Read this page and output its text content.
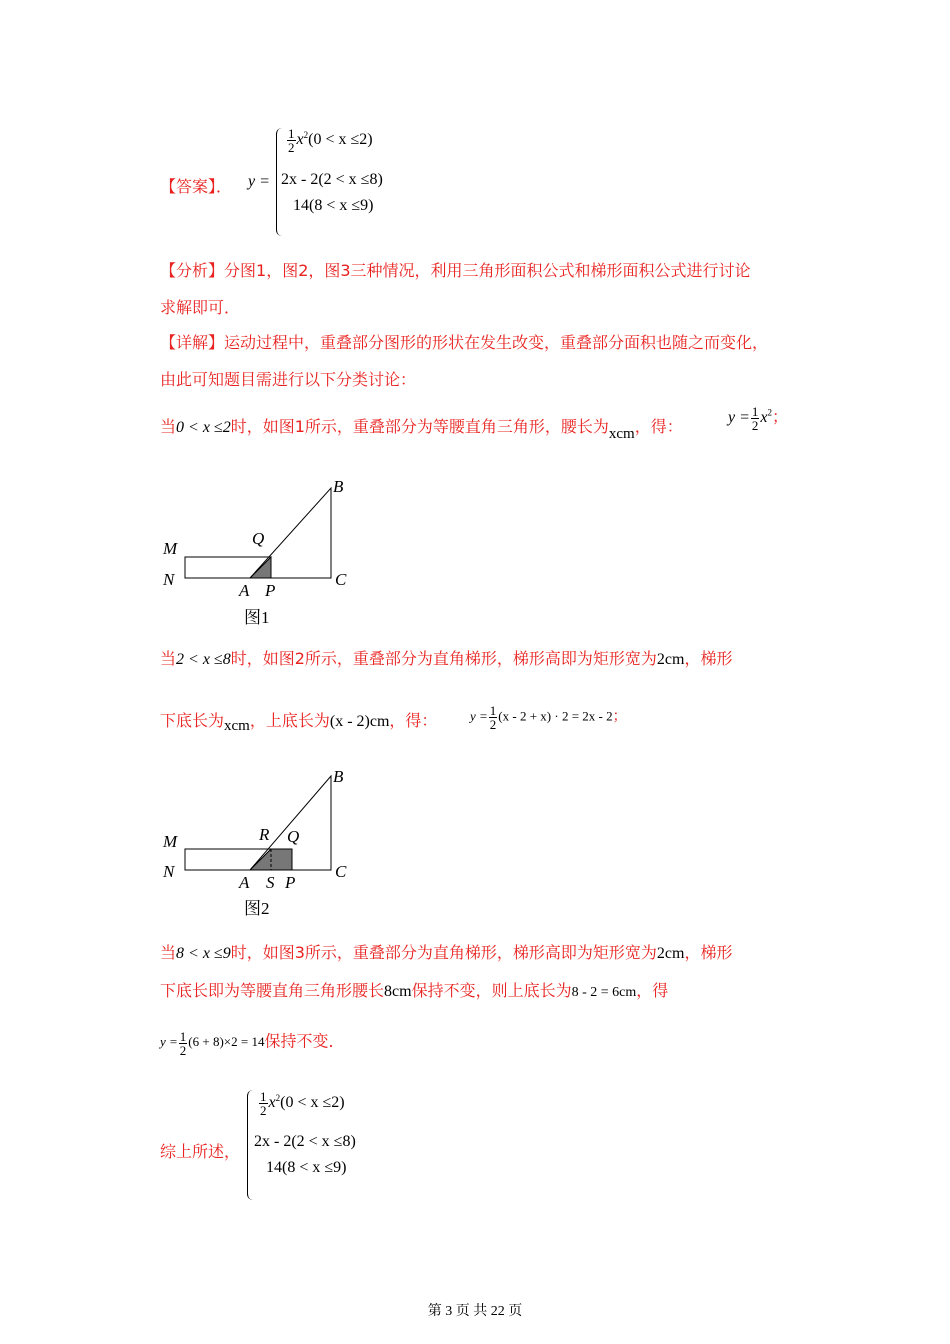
【答案】． y =
$\frac{1}{2} x^2(0 < x \le 2)$
2x - 2(2 < x ≤8)
14(8 < x ≤9)
【分析】分图1，图2，图3三种情况，利用三角形面积公式和梯形面积公式进行讨论
求解即可．
【详解】运动过程中，重叠部分图形的形状在发生改变，重叠部分面积也随之而变化，
由此可知题目需进行以下分类讨论：
当0 < x ≤2时，如图1所示，重叠部分为等腰直角三角形，腰长为xcm，得：	$y = \frac{1}{2} x^2$；
B
M
Q
N	C
A P
图1
当2 < x ≤8时，如图2所示，重叠部分为直角梯形，梯形高即为矩形宽为2cm，梯形
下底长为xcm，上底长为(x - 2)cm，得：	$y = \frac{1}{2} (x - 2 + x) \cdot 2 = 2x - 2$；
B
M	R Q
N	C
A S P
图2
当8 < x ≤9时，如图3所示，重叠部分为直角梯形，梯形高即为矩形宽为2cm，梯形
下底长即为等腰直角三角形腰长8cm保持不变，则上底长为8 - 2 = 6cm，得
$y = \frac{1}{2} (6 + 8)\times 2 = 14$保持不变．
综上所述，
$\frac{1}{2} x^2(0 < x \le 2)$
2x - 2(2 < x ≤8)
14(8 < x ≤9)
第 3 页 共 22 页
